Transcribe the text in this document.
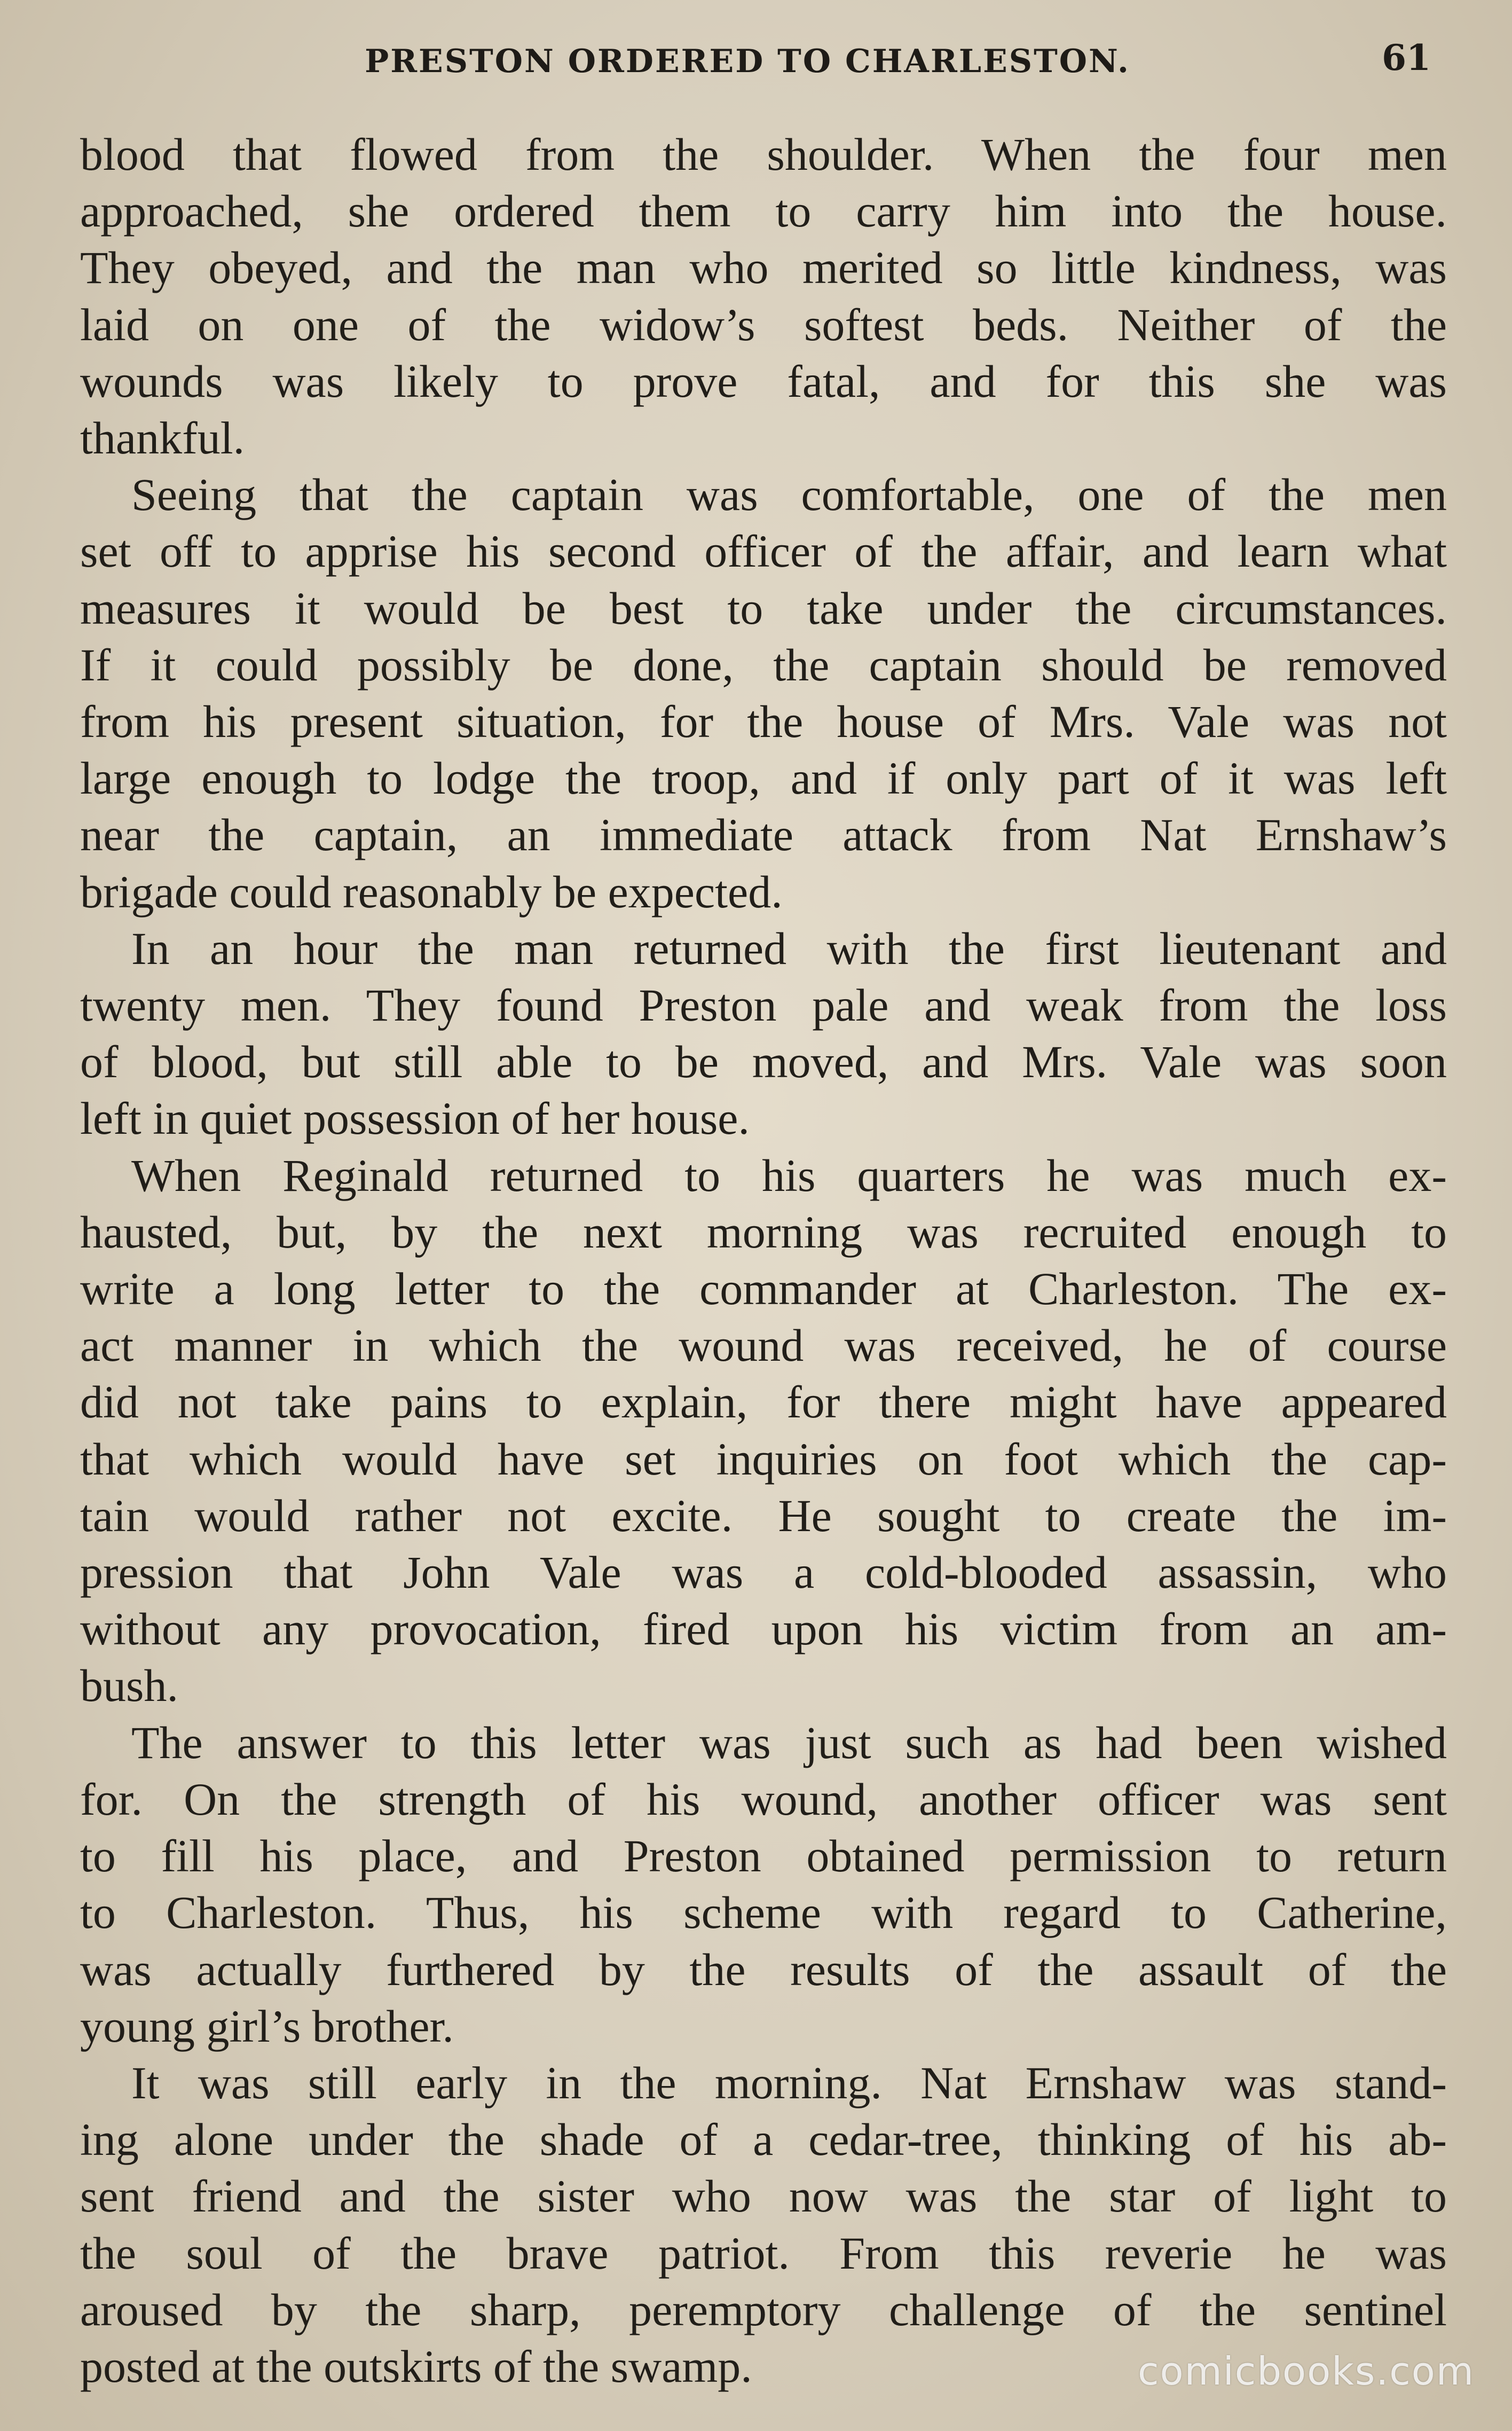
PRESTON ORDERED TO CHARLESTON.	61
blood that flowed from the shoulder. When the four men
approached, she ordered them to carry him into the house.
They obeyed, and the man who merited so little kindness, was
laid on one of the widow’s softest beds. Neither of the
wounds was likely to prove fatal, and for this she was
thankful.
Seeing that the captain was comfortable, one of the men
set off to apprise his second officer of the affair, and learn what
measures it would be best to take under the circumstances.
If it could possibly be done, the captain should be removed
from his present situation, for the house of Mrs. Vale was not
large enough to lodge the troop, and if only part of it was left
near the captain, an immediate attack from Nat Ernshaw’s
brigade could reasonably be expected.
In an hour the man returned with the first lieutenant and
twenty men. They found Preston pale and weak from the loss
of blood, but still able to be moved, and Mrs. Vale was soon
left in quiet possession of her house.
When Reginald returned to his quarters he was much ex-
hausted, but, by the next morning was recruited enough to
write a long letter to the commander at Charleston. The ex-
act manner in which the wound was received, he of course
did not take pains to explain, for there might have appeared
that which would have set inquiries on foot which the cap-
tain would rather not excite. He sought to create the im-
pression that John Vale was a cold-blooded assassin, who
without any provocation, fired upon his victim from an am-
bush.
The answer to this letter was just such as had been wished
for. On the strength of his wound, another officer was sent
to fill his place, and Preston obtained permission to return
to Charleston. Thus, his scheme with regard to Catherine,
was actually furthered by the results of the assault of the
young girl’s brother.
It was still early in the morning. Nat Ernshaw was stand-
ing alone under the shade of a cedar-tree, thinking of his ab-
sent friend and the sister who now was the star of light to
the soul of the brave patriot. From this reverie he was
aroused by the sharp, peremptory challenge of the sentinel
posted at the outskirts of the swamp.	comicbooks.com
